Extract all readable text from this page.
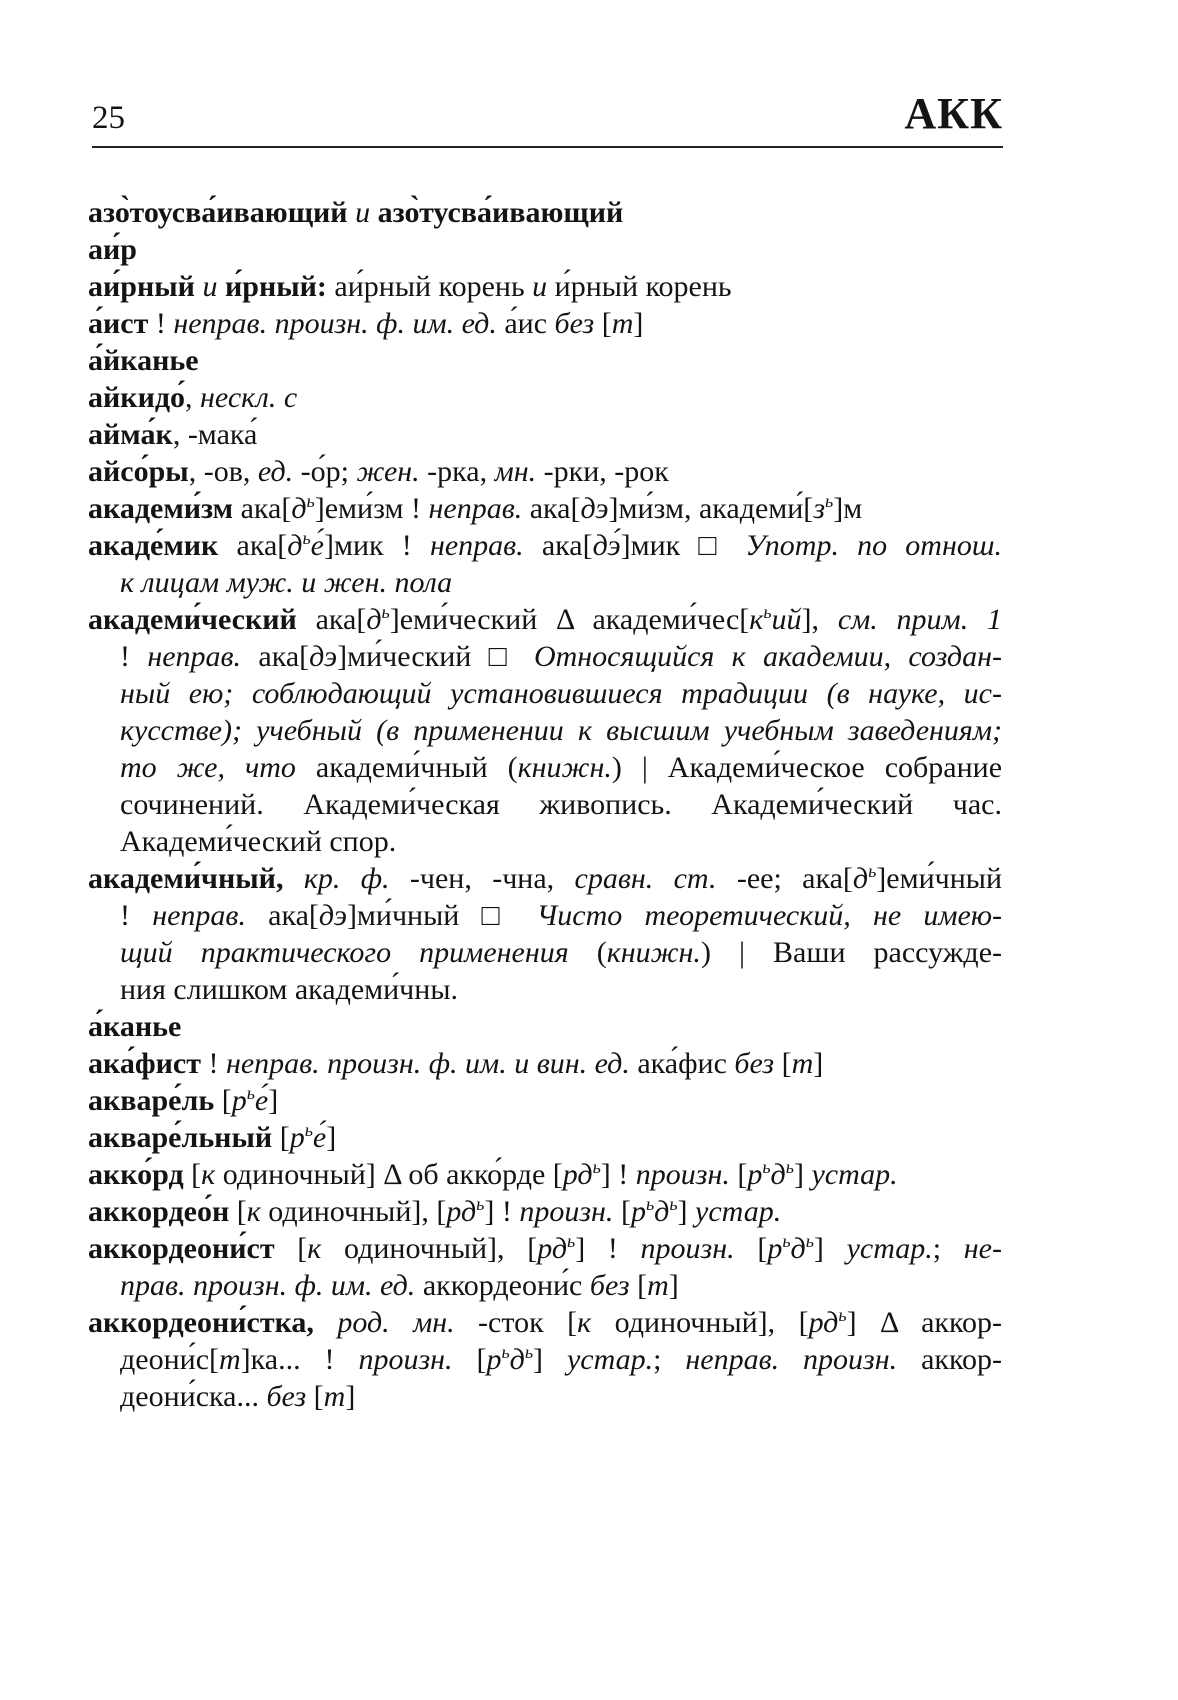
25	АКК
азо̀тоусва́ивающий и азо̀тусва́ивающий
аи́р
аи́рный и и́рный: аи́рный корень и и́рный корень
а́ист ! неправ. произн. ф. им. ед. а́ис без [т]
а́йканье
айкидо́, нескл. с
айма́к, -мака́
айсо́ры, -ов, ед. -о́р; жен. -рка, мн. -рки, -рок
академи́зм $ака[д^ь]еми́зм$ ! неправ. ака[дэ]ми́зм, $академи́[з^ь]м$
акаде́мик $ака[д^ье́]мик$ ! неправ. ака[дэ́]мик □ Употр. по отнош.
к лицам муж. и жен. пола
академи́ческий $ака[д^ь]еми́ческий$ Δ $академи́чес[к^ьий]$, см. прим. 1
! неправ. ака[дэ]ми́ческий □ Относящийся к академии, создан-
ный ею; соблюдающий установившиеся традиции (в науке, ис-
кусстве); учебный (в применении к высшим учебным заведениям;
то же, что академи́чный (книжн.) | Академи́ческое собрание
сочинений. Академи́ческая живопись. Академи́ческий час.
Академи́ческий спор.
академи́чный, кр. ф. -чен, -чна, сравн. ст. -ее; $ака[д^ь]еми́чный$
! неправ. ака[дэ]ми́чный □ Чисто теоретический, не имею-
щий практического применения (книжн.) | Ваши рассужде-
ния слишком академи́чны.
а́канье
ака́фист ! неправ. произн. ф. им. и вин. ед. ака́фис без [т]
акваре́ль $[р^ье́]$
акваре́льный $[р^ье́]$
акко́рд [к одиночный] Δ об акко́рде $[рд^ь]$ ! произн. $[р^ьд^ь]$ устар.
аккордео́н [к одиночный], $[рд^ь]$ ! произн. $[р^ьд^ь]$ устар.
аккордеони́ст [к одиночный], $[рд^ь]$ ! произн. $[р^ьд^ь]$ устар.; не-
прав. произн. ф. им. ед. аккордеони́с без [т]
аккордеони́стка, род. мн. -сток [к одиночный], $[рд^ь]$ Δ аккор-
деони́с[т]ка... ! произн. $[р^ьд^ь]$ устар.; неправ. произн. аккор-
деони́ска... без [т]
